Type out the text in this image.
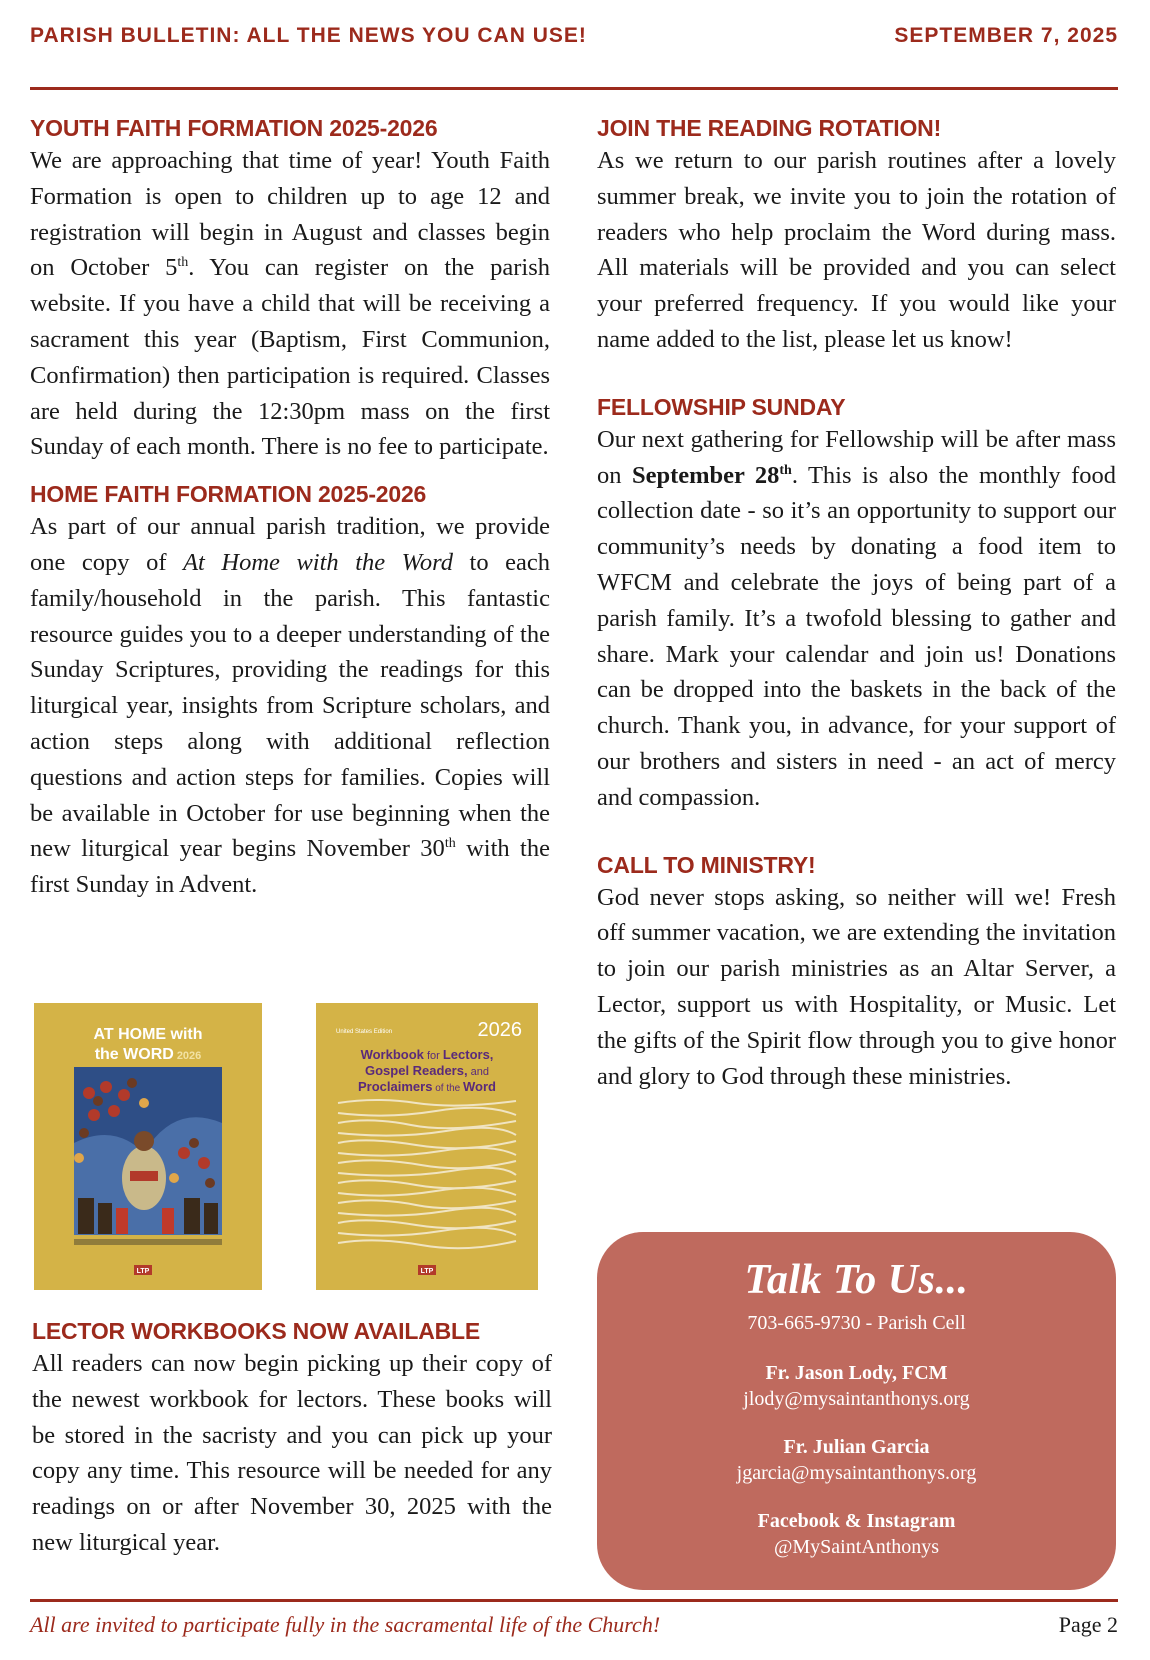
PARISH BULLETIN: ALL THE NEWS YOU CAN USE!	SEPTEMBER 7, 2025
YOUTH FAITH FORMATION 2025-2026

We are approaching that time of year! Youth Faith Formation is open to children up to age 12 and registration will begin in August and classes begin on October 5th. You can register on the parish website. If you have a child that will be receiving a sacrament this year (Baptism, First Communion, Confirmation) then participation is required. Classes are held during the 12:30pm mass on the first Sunday of each month. There is no fee to participate.

HOME FAITH FORMATION 2025-2026

As part of our annual parish tradition, we provide one copy of At Home with the Word to each family/household in the parish. This fantastic resource guides you to a deeper understanding of the Sunday Scriptures, providing the readings for this liturgical year, insights from Scripture scholars, and action steps along with additional reflection questions and action steps for families. Copies will be available in October for use beginning when the new liturgical year begins November 30th with the first Sunday in Advent.

AT HOME with
the WORD 2026
LTP
United States Edition	2026
Workbook for Lectors,
Gospel Readers, and
Proclaimers of the Word
LTP
LECTOR WORKBOOKS NOW AVAILABLE

All readers can now begin picking up their copy of the newest workbook for lectors. These books will be stored in the sacristy and you can pick up your copy any time. This resource will be needed for any readings on or after November 30, 2025 with the new liturgical year.

JOIN THE READING ROTATION!

As we return to our parish routines after a lovely summer break, we invite you to join the rotation of readers who help proclaim the Word during mass. All materials will be provided and you can select your preferred frequency. If you would like your name added to the list, please let us know!

FELLOWSHIP SUNDAY

Our next gathering for Fellowship will be after mass on September 28th. This is also the monthly food collection date - so it’s an opportunity to support our community’s needs by donating a food item to WFCM and celebrate the joys of being part of a parish family. It’s a twofold blessing to gather and share. Mark your calendar and join us! Donations can be dropped into the baskets in the back of the church. Thank you, in advance, for your support of our brothers and sisters in need - an act of mercy and compassion.

CALL TO MINISTRY!

God never stops asking, so neither will we! Fresh off summer vacation, we are extending the invitation to join our parish ministries as an Altar Server, a Lector, support us with Hospitality, or Music. Let the gifts of the Spirit flow through you to give honor and glory to God through these ministries.

Talk To Us...
703-665-9730 - Parish Cell
Fr. Jason Lody, FCM
jlody@mysaintanthonys.org
Fr. Julian Garcia
jgarcia@mysaintanthonys.org
Facebook & Instagram
@MySaintAnthonys
All are invited to participate fully in the sacramental life of the Church!	Page 2
